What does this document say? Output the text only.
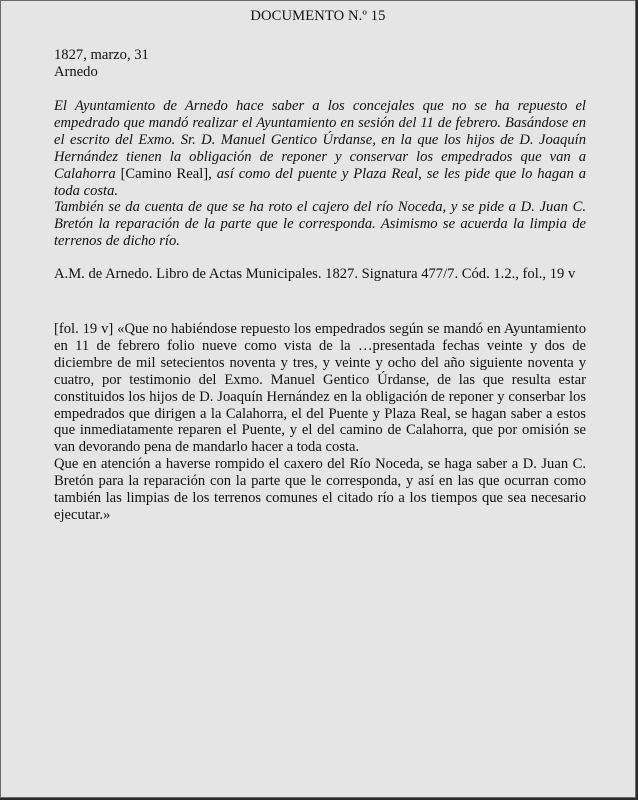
DOCUMENTO N.º 15
1827, marzo, 31
Arnedo

El Ayuntamiento de Arnedo hace saber a los concejales que no se ha repuesto el empedrado que mandó realizar el Ayuntamiento en sesión del 11 de febrero. Basándose en el escrito del Exmo. Sr. D. Manuel Gentico Úrdanse, en la que los hijos de D. Joaquín Hernández tienen la obligación de reponer y conservar los empedrados que van a Calahorra [Camino Real], así como del puente y Plaza Real, se les pide que lo hagan a toda costa.

También se da cuenta de que se ha roto el cajero del río Noceda, y se pide a D. Juan C. Bretón la reparación de la parte que le corresponda. Asimismo se acuerda la limpia de terrenos de dicho río.

A.M. de Arnedo. Libro de Actas Municipales. 1827. Signatura 477/7. Cód. 1.2., fol., 19 v

[fol. 19 v] «Que no habiéndose repuesto los empedrados según se mandó en Ayuntamiento en 11 de febrero folio nueve como vista de la …presentada fechas veinte y dos de diciembre de mil setecientos noventa y tres, y veinte y ocho del año siguiente noventa y cuatro, por testimonio del Exmo. Manuel Gentico Úrdanse, de las que resulta estar constituidos los hijos de D. Joaquín Hernández en la obligación de reponer y conserbar los empedrados que dirigen a la Calahorra, el del Puente y Plaza Real, se hagan saber a estos que inmediatamente reparen el Puente, y el del camino de Calahorra, que por omisión se van devorando pena de mandarlo hacer a toda costa.

Que en atención a haverse rompido el caxero del Río Noceda, se haga saber a D. Juan C. Bretón para la reparación con la parte que le corresponda, y así en las que ocurran como también las limpias de los terrenos comunes el citado río a los tiempos que sea necesario ejecutar.»
